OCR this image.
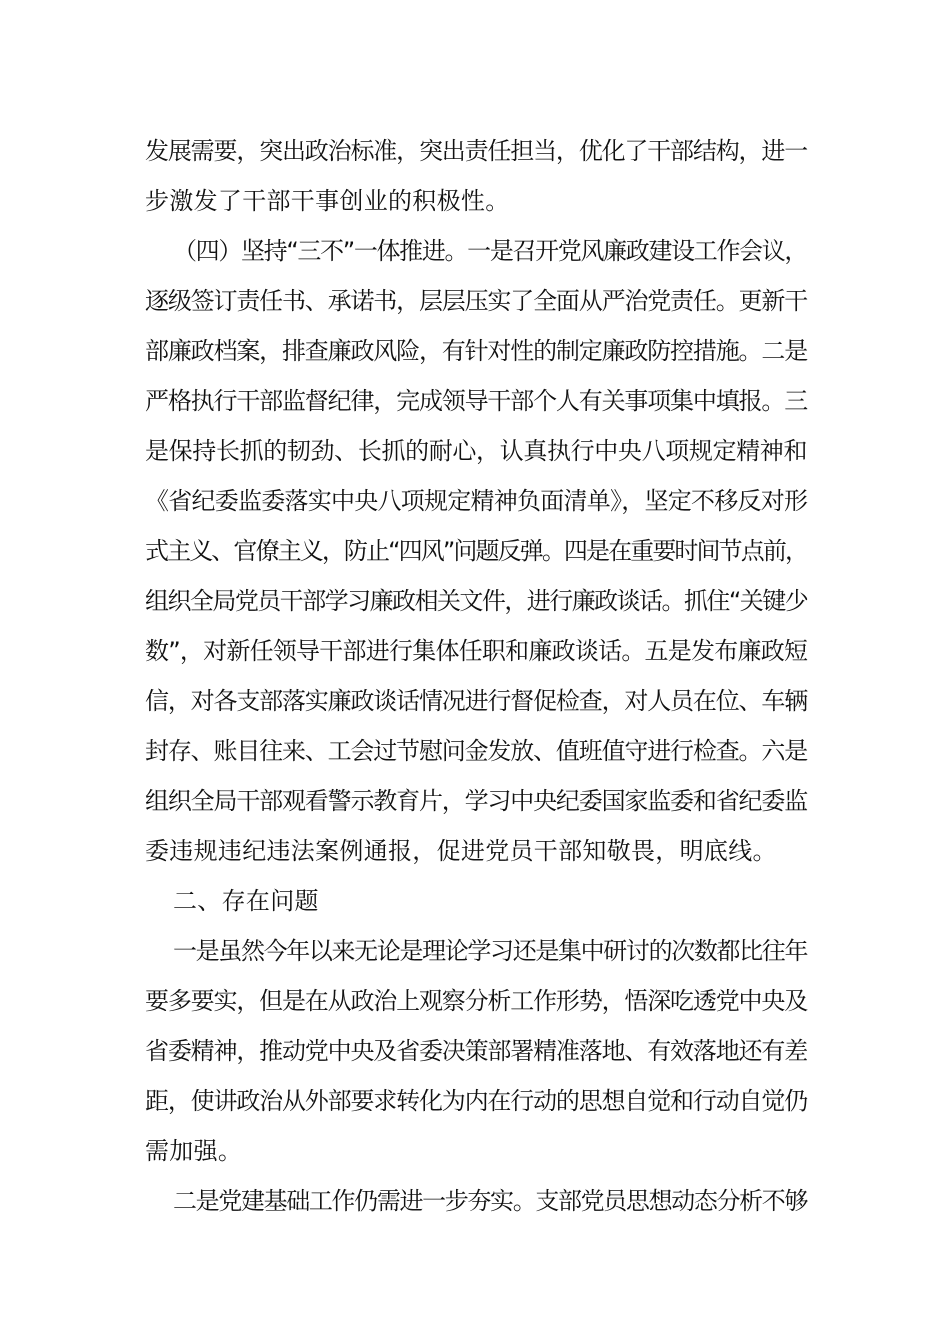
发展需要，突出政治标准，突出责任担当，优化了干部结构，进一
步激发了干部干事创业的积极性。
（四）坚持“三不”一体推进。一是召开党风廉政建设工作会议，
逐级签订责任书、承诺书，层层压实了全面从严治党责任。更新干
部廉政档案，排查廉政风险，有针对性的制定廉政防控措施。二是
严格执行干部监督纪律，完成领导干部个人有关事项集中填报。三
是保持长抓的韧劲、长抓的耐心，认真执行中央八项规定精神和
《省纪委监委落实中央八项规定精神负面清单》，坚定不移反对形
式主义、官僚主义，防止“四风”问题反弹。四是在重要时间节点前，
组织全局党员干部学习廉政相关文件，进行廉政谈话。抓住“关键少
数”，对新任领导干部进行集体任职和廉政谈话。五是发布廉政短
信，对各支部落实廉政谈话情况进行督促检查，对人员在位、车辆
封存、账目往来、工会过节慰问金发放、值班值守进行检查。六是
组织全局干部观看警示教育片，学习中央纪委国家监委和省纪委监
委违规违纪违法案例通报，促进党员干部知敬畏，明底线。
二、存在问题
一是虽然今年以来无论是理论学习还是集中研讨的次数都比往年
要多要实，但是在从政治上观察分析工作形势，悟深吃透党中央及
省委精神，推动党中央及省委决策部署精准落地、有效落地还有差
距，使讲政治从外部要求转化为内在行动的思想自觉和行动自觉仍
需加强。
二是党建基础工作仍需进一步夯实。支部党员思想动态分析不够
